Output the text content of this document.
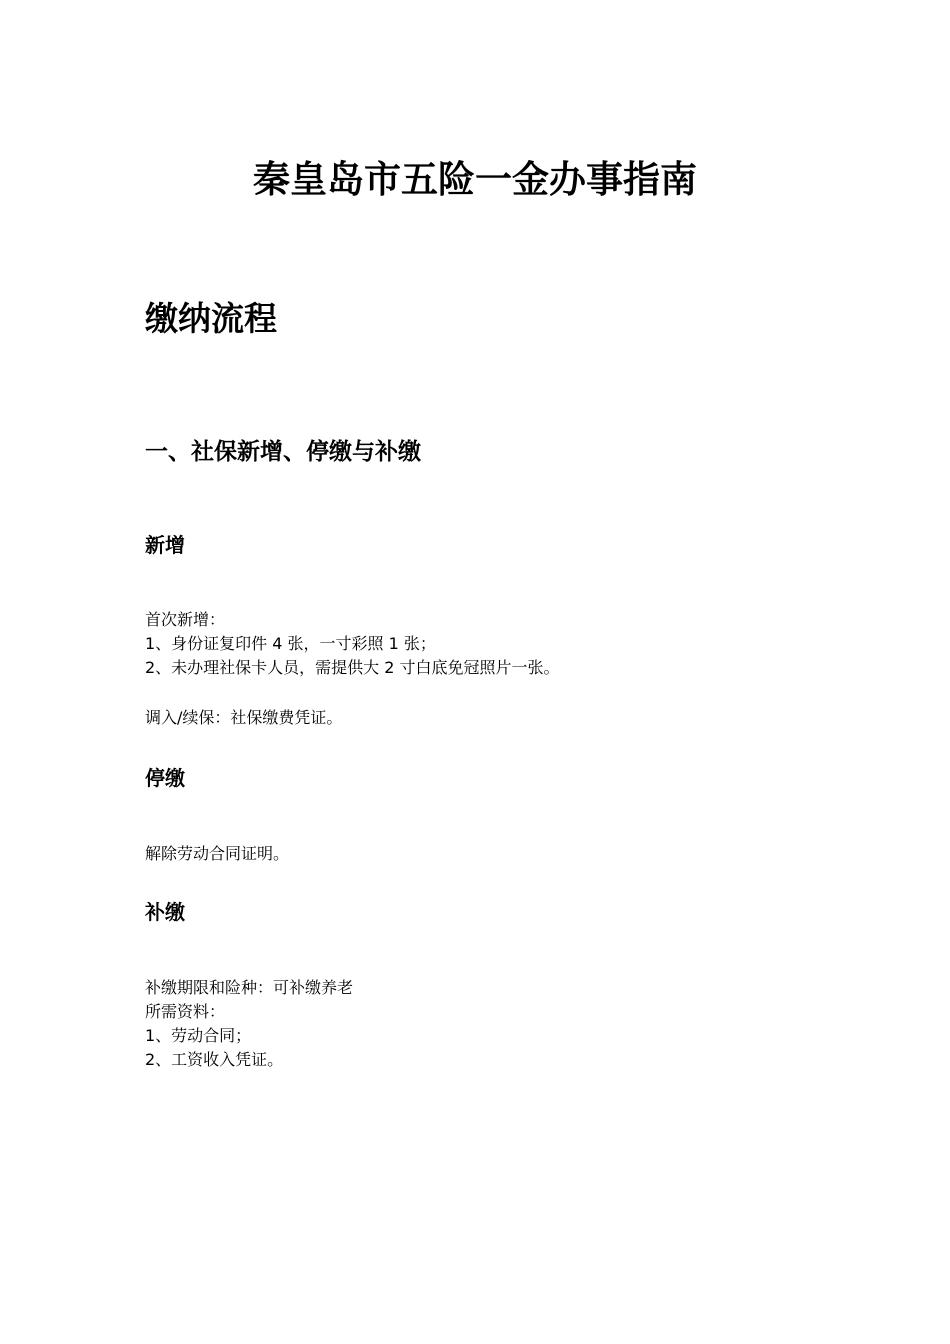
秦皇岛市五险一金办事指南
缴纳流程
一、社保新增、停缴与补缴
新增
首次新增：
1、身份证复印件 4 张，一寸彩照 1 张；
2、未办理社保卡人员，需提供大 2 寸白底免冠照片一张。
调入/续保：社保缴费凭证。
停缴
解除劳动合同证明。
补缴
补缴期限和险种：可补缴养老
所需资料：
1、劳动合同；
2、工资收入凭证。
